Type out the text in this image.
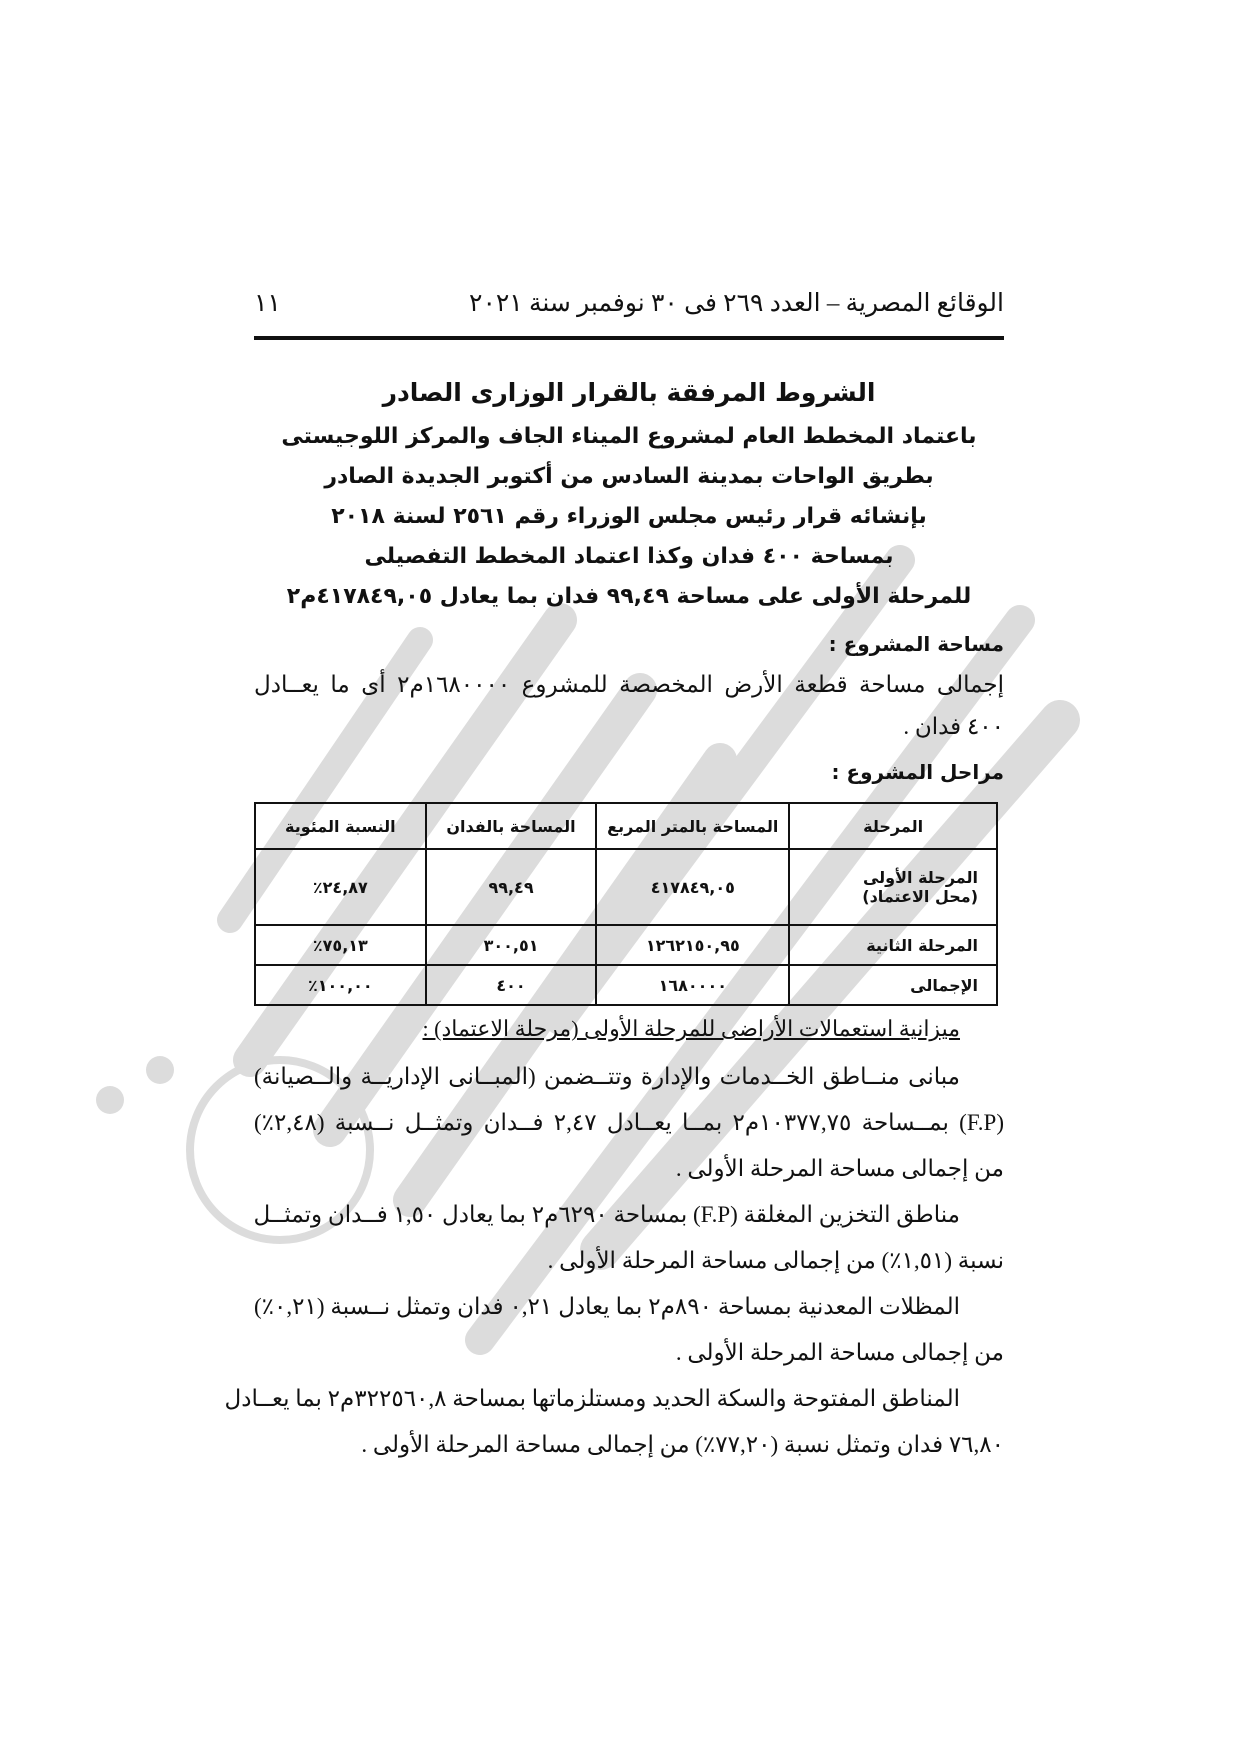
الوقائع المصرية – العدد ٢٦٩ فى ٣٠ نوفمبر سنة ٢٠٢١
١١
الشروط المرفقة بالقرار الوزارى الصادر
باعتماد المخطط العام لمشروع الميناء الجاف والمركز اللوجيستى
بطريق الواحات بمدينة السادس من أكتوبر الجديدة الصادر
بإنشائه قرار رئيس مجلس الوزراء رقم ٢٥٦١ لسنة ٢٠١٨
بمساحة ٤٠٠ فدان وكذا اعتماد المخطط التفصيلى
للمرحلة الأولى على مساحة ٩٩,٤٩ فدان بما يعادل ٤١٧٨٤٩,٠٥م٢
مساحة المشروع :
إجمالى مساحة قطعة الأرض المخصصة للمشروع ١٦٨٠٠٠٠م٢ أى ما يعــادل
٤٠٠ فدان .
مراحل المشروع :
المرحلة	المساحة بالمتر المربع	المساحة بالفدان	النسبة المئوية
المرحلة الأولى
(محل الاعتماد)	٤١٧٨٤٩,٠٥	٩٩,٤٩	٢٤,٨٧٪
المرحلة الثانية	١٢٦٢١٥٠,٩٥	٣٠٠,٥١	٧٥,١٣٪
الإجمالى	١٦٨٠٠٠٠	٤٠٠	١٠٠,٠٠٪
ميزانية استعمالات الأراضى للمرحلة الأولى (مرحلة الاعتماد) :
مبانى منــاطق الخــدمات والإدارة وتتــضمن (المبــانى الإداريــة والــصيانة)
(F.P) بمــساحة ١٠٣٧٧,٧٥م٢ بمــا يعــادل ٢,٤٧ فــدان وتمثــل نــسبة (٢,٤٨٪)
من إجمالى مساحة المرحلة الأولى .
مناطق التخزين المغلقة (F.P) بمساحة ٦٢٩٠م٢ بما يعادل ١,٥٠ فــدان وتمثــل
نسبة (١,٥١٪) من إجمالى مساحة المرحلة الأولى .
المظلات المعدنية بمساحة ٨٩٠م٢ بما يعادل ٠,٢١ فدان وتمثل نــسبة (٠,٢١٪)
من إجمالى مساحة المرحلة الأولى .
المناطق المفتوحة والسكة الحديد ومستلزماتها بمساحة ٣٢٢٥٦٠,٨م٢ بما يعــادل
٧٦,٨٠ فدان وتمثل نسبة (٧٧,٢٠٪) من إجمالى مساحة المرحلة الأولى .
